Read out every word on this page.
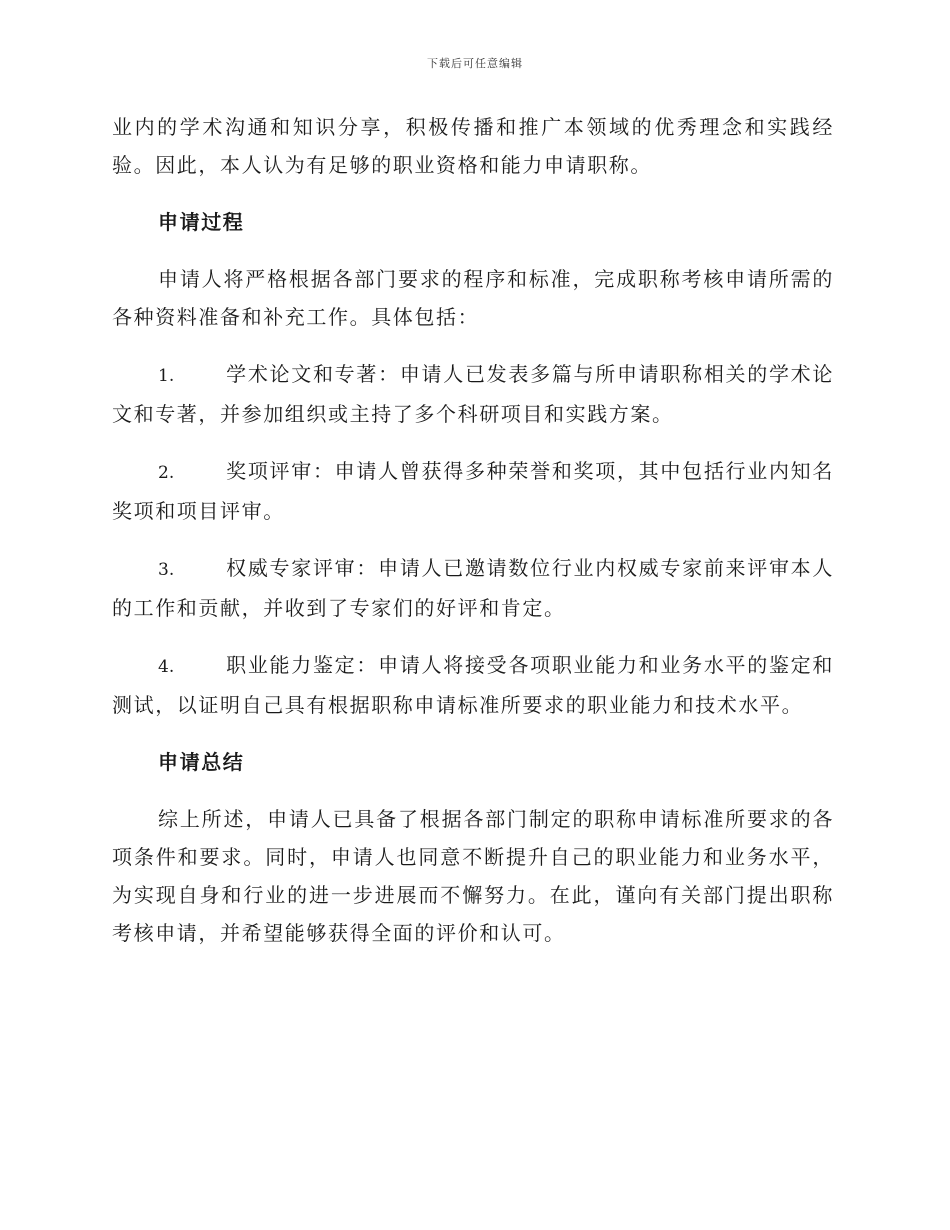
下载后可任意编辑

业内的学术沟通和知识分享，积极传播和推广本领域的优秀理念和实践经验。因此，本人认为有足够的职业资格和能力申请职称。

申请过程

申请人将严格根据各部门要求的程序和标准，完成职称考核申请所需的各种资料准备和补充工作。具体包括：

1.	学术论文和专著：申请人已发表多篇与所申请职称相关的学术论文和专著，并参加组织或主持了多个科研项目和实践方案。

2.	奖项评审：申请人曾获得多种荣誉和奖项，其中包括行业内知名奖项和项目评审。

3.	权威专家评审：申请人已邀请数位行业内权威专家前来评审本人的工作和贡献，并收到了专家们的好评和肯定。

4.	职业能力鉴定：申请人将接受各项职业能力和业务水平的鉴定和测试，以证明自己具有根据职称申请标准所要求的职业能力和技术水平。

申请总结

综上所述，申请人已具备了根据各部门制定的职称申请标准所要求的各项条件和要求。同时，申请人也同意不断提升自己的职业能力和业务水平，为实现自身和行业的进一步进展而不懈努力。在此，谨向有关部门提出职称考核申请，并希望能够获得全面的评价和认可。
